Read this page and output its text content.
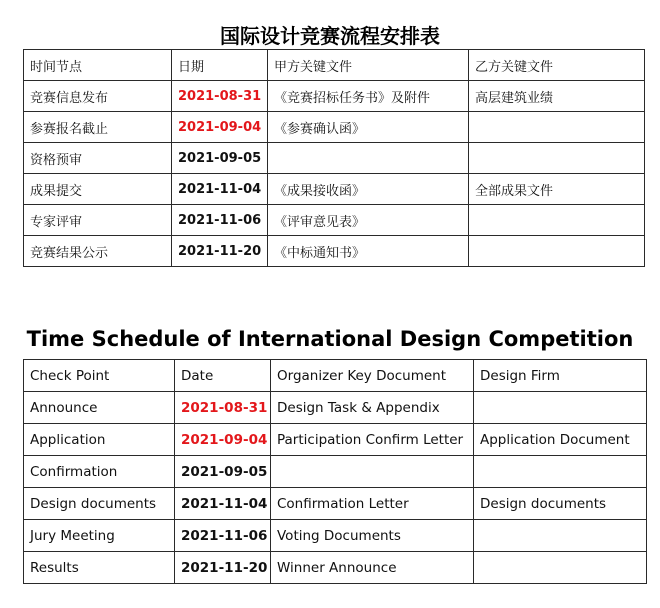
国际设计竞赛流程安排表
时间节点	日期	甲方关键文件	乙方关键文件
竞赛信息发布	2021-08-31	《竞赛招标任务书》及附件	高层建筑业绩
参赛报名截止	2021-09-04	《参赛确认函》	
资格预审	2021-09-05		
成果提交	2021-11-04	《成果接收函》	全部成果文件
专家评审	2021-11-06	《评审意见表》	
竞赛结果公示	2021-11-20	《中标通知书》	
Time Schedule of International Design Competition
Check Point	Date	Organizer Key Document	Design Firm
Announce	2021-08-31	Design Task & Appendix	
Application	2021-09-04	Participation Confirm Letter	Application Document
Confirmation	2021-09-05		
Design documents	2021-11-04	Confirmation Letter	Design documents
Jury Meeting	2021-11-06	Voting Documents	
Results	2021-11-20	Winner Announce	
